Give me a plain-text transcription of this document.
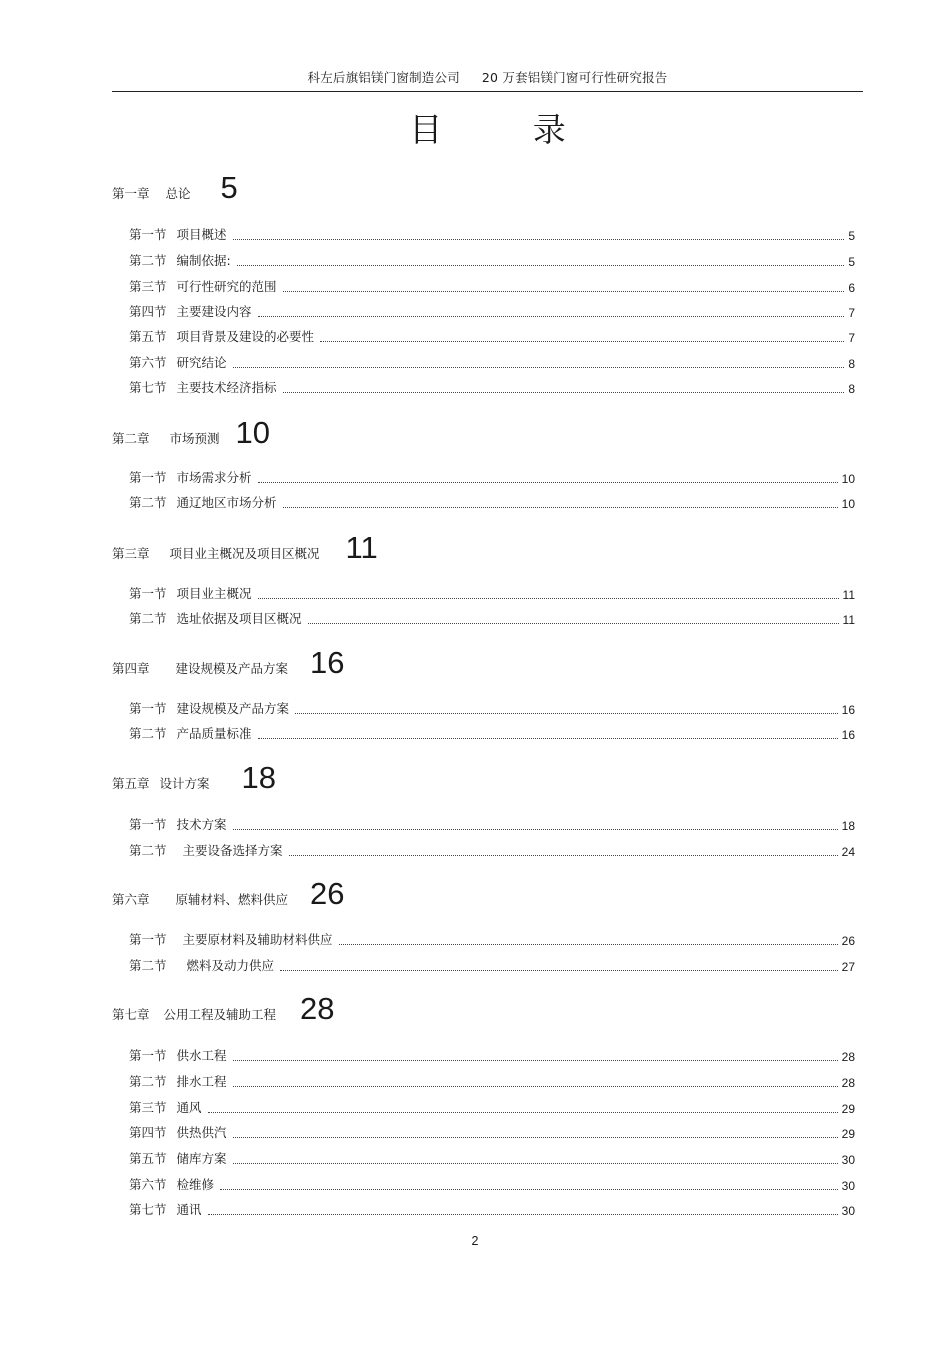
科左后旗铝镁门窗制造公司 20 万套铝镁门窗可行性研究报告
目 录
第一章 总论 5
第一节 项目概述	5
第二节 编制依据:	5
第三节 可行性研究的范围	6
第四节 主要建设内容	7
第五节 项目背景及建设的必要性	7
第六节 研究结论	8
第七节 主要技术经济指标	8
第二章 市场预测 10
第一节 市场需求分析	10
第二节 通辽地区市场分析	10
第三章 项目业主概况及项目区概况 11
第一节 项目业主概况	11
第二节 选址依据及项目区概况	11
第四章 建设规模及产品方案 16
第一节 建设规模及产品方案	16
第二节 产品质量标准	16
第五章 设计方案 18
第一节 技术方案	18
第二节 主要设备选择方案	24
第六章 原辅材料、燃料供应 26
第一节 主要原材料及辅助材料供应	26
第二节 燃料及动力供应	27
第七章 公用工程及辅助工程 28
第一节 供水工程	28
第二节 排水工程	28
第三节 通风	29
第四节 供热供汽	29
第五节 储库方案	30
第六节 检维修	30
第七节 通讯	30
2
